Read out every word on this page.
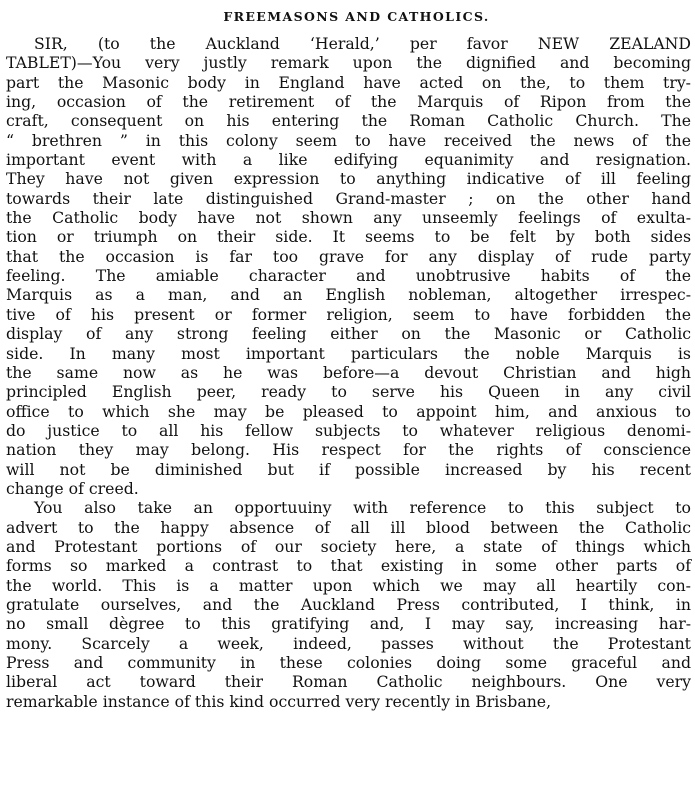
FREEMASONS AND CATHOLICS.
SIR, (to the Auckland ‘Herald,’ per favor NEW ZEALAND
TABLET)—You very justly remark upon the dignified and becoming
part the Masonic body in England have acted on the, to them try-
ing, occasion of the retirement of the Marquis of Ripon from the
craft, consequent on his entering the Roman Catholic Church. The
“ brethren ” in this colony seem to have received the news of the
important event with a like edifying equanimity and resignation.
They have not given expression to anything indicative of ill feeling
towards their late distinguished Grand-master ; on the other hand
the Catholic body have not shown any unseemly feelings of exulta-
tion or triumph on their side. It seems to be felt by both sides
that the occasion is far too grave for any display of rude party
feeling. The amiable character and unobtrusive habits of the
Marquis as a man, and an English nobleman, altogether irrespec-
tive of his present or former religion, seem to have forbidden the
display of any strong feeling either on the Masonic or Catholic
side. In many most important particulars the noble Marquis is
the same now as he was before—a devout Christian and high
principled English peer, ready to serve his Queen in any civil
office to which she may be pleased to appoint him, and anxious to
do justice to all his fellow subjects to whatever religious denomi-
nation they may belong. His respect for the rights of conscience
will not be diminished but if possible increased by his recent
change of creed.
You also take an opportuuiny with reference to this subject to
advert to the happy absence of all ill blood between the Catholic
and Protestant portions of our society here, a state of things which
forms so marked a contrast to that existing in some other parts of
the world. This is a matter upon which we may all heartily con-
gratulate ourselves, and the Auckland Press contributed, I think, in
no small dègree to this gratifying and, I may say, increasing har-
mony. Scarcely a week, indeed, passes without the Protestant
Press and community in these colonies doing some graceful and
liberal act toward their Roman Catholic neighbours. One very
remarkable instance of this kind occurred very recently in Brisbane,
